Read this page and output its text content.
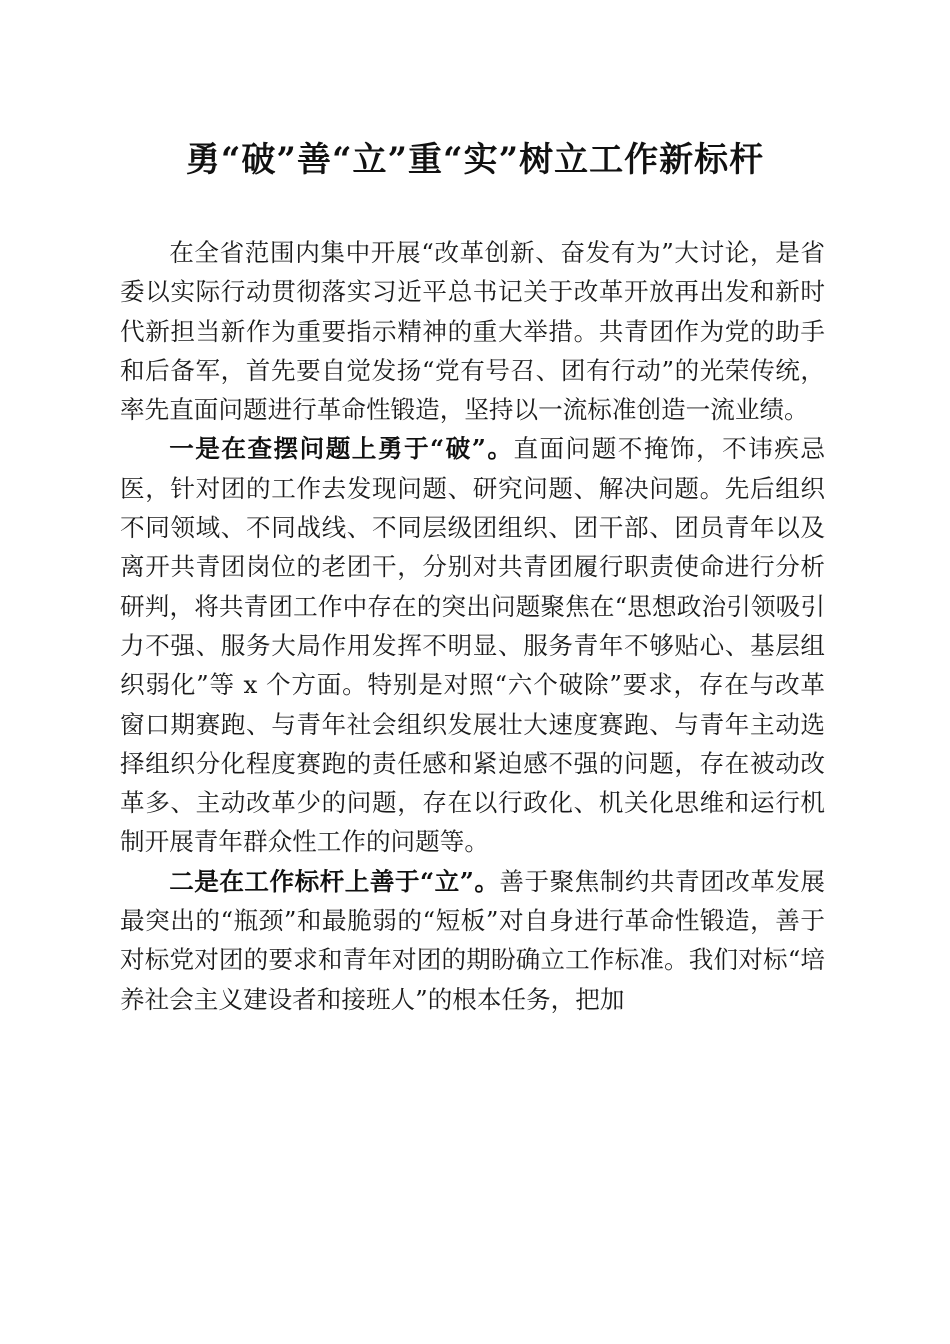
勇“破”善“立”重“实”树立工作新标杆

在全省范围内集中开展“改革创新、奋发有为”大讨论，是省委以实际行动贯彻落实习近平总书记关于改革开放再出发和新时代新担当新作为重要指示精神的重大举措。共青团作为党的助手和后备军，首先要自觉发扬“党有号召、团有行动”的光荣传统，率先直面问题进行革命性锻造，坚持以一流标准创造一流业绩。

一是在查摆问题上勇于“破”。直面问题不掩饰，不讳疾忌医，针对团的工作去发现问题、研究问题、解决问题。先后组织不同领域、不同战线、不同层级团组织、团干部、团员青年以及离开共青团岗位的老团干，分别对共青团履行职责使命进行分析研判，将共青团工作中存在的突出问题聚焦在“思想政治引领吸引力不强、服务大局作用发挥不明显、服务青年不够贴心、基层组织弱化”等 x 个方面。特别是对照“六个破除”要求，存在与改革窗口期赛跑、与青年社会组织发展壮大速度赛跑、与青年主动选择组织分化程度赛跑的责任感和紧迫感不强的问题，存在被动改革多、主动改革少的问题，存在以行政化、机关化思维和运行机制开展青年群众性工作的问题等。

二是在工作标杆上善于“立”。善于聚焦制约共青团改革发展最突出的“瓶颈”和最脆弱的“短板”对自身进行革命性锻造，善于对标党对团的要求和青年对团的期盼确立工作标准。我们对标“培养社会主义建设者和接班人”的根本任务，把加
